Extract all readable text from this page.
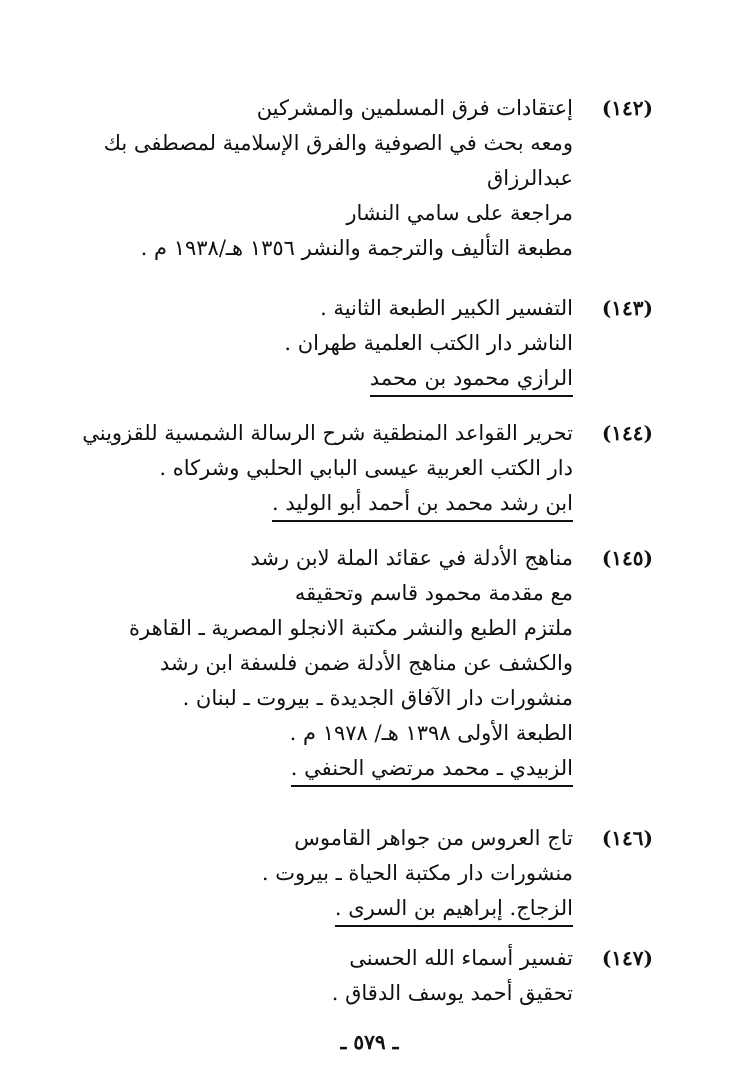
(١٤٢)
إعتقادات فرق المسلمين والمشركين
ومعه بحث في الصوفية والفرق الإسلامية لمصطفى بك
عبدالرزاق
مراجعة على سامي النشار
مطبعة التأليف والترجمة والنشر ١٣٥٦ هـ/١٩٣٨ م .
(١٤٣)
التفسير الكبير الطبعة الثانية .
الناشر دار الكتب العلمية طهران .
الرازي محمود بن محمد
(١٤٤)
تحرير القواعد المنطقية شرح الرسالة الشمسية للقزويني
دار الكتب العربية عيسى البابي الحلبي وشركاه .
ابن رشد محمد بن أحمد أبو الوليد .
(١٤٥)
مناهج الأدلة في عقائد الملة لابن رشد
مع مقدمة محمود قاسم وتحقيقه
ملتزم الطبع والنشر مكتبة الانجلو المصرية ـ القاهرة
والكشف عن مناهج الأدلة ضمن فلسفة ابن رشد
منشورات دار الآفاق الجديدة ـ بيروت ـ لبنان .
الطبعة الأولى ١٣٩٨ هـ/ ١٩٧٨ م .
الزبيدي ـ محمد مرتضي الحنفي .
(١٤٦)
تاج العروس من جواهر القاموس
منشورات دار مكتبة الحياة ـ بيروت .
الزجاج. إبراهيم بن السرى .
(١٤٧)
تفسير أسماء الله الحسنى
تحقيق أحمد يوسف الدقاق .
ـ ٥٧٩ ـ
